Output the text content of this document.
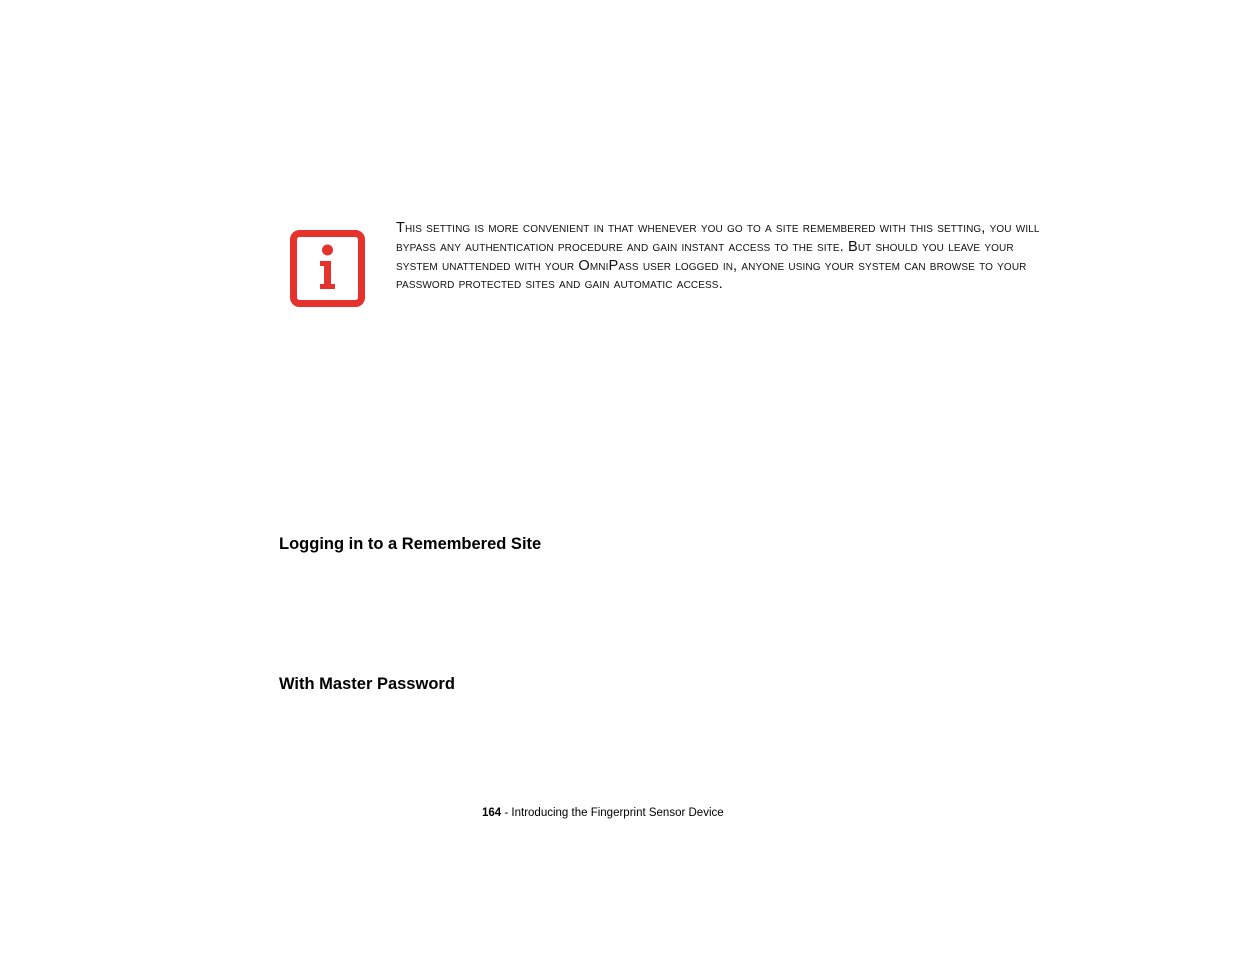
This setting is more convenient in that whenever you go to a site remembered with this setting, you will bypass any authentication procedure and gain instant access to the site. But should you leave your system unattended with your OmniPass user logged in, anyone using your system can browse to your password protected sites and gain automatic access.
Logging in to a Remembered Site
With Master Password
164 - Introducing the Fingerprint Sensor Device
